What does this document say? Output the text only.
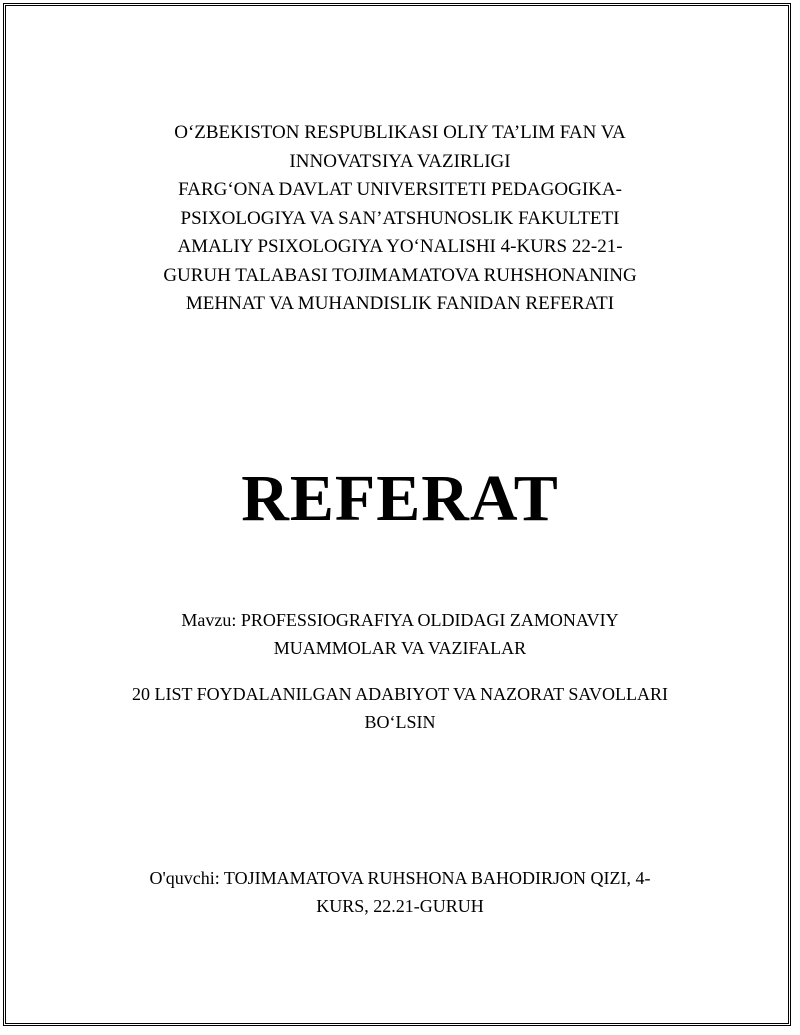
O‘ZBEKISTON RESPUBLIKASI OLIY TA’LIM FAN VA
INNOVATSIYA VAZIRLIGI
FARG‘ONA DAVLAT UNIVERSITETI PEDAGOGIKA-
PSIXOLOGIYA VA SAN’ATSHUNOSLIK FAKULTETI
AMALIY PSIXOLOGIYA YO‘NALISHI 4-KURS 22-21-
GURUH TALABASI TOJIMAMATOVA RUHSHONANING
MEHNAT VA MUHANDISLIK FANIDAN REFERATI
REFERAT
Mavzu: PROFESSIOGRAFIYA OLDIDAGI ZAMONAVIY
MUAMMOLAR VA VAZIFALAR
20 LIST FOYDALANILGAN ADABIYOT VA NAZORAT SAVOLLARI
BO‘LSIN
O'quvchi: TOJIMAMATOVA RUHSHONA BAHODIRJON QIZI, 4-
KURS, 22.21-GURUH
